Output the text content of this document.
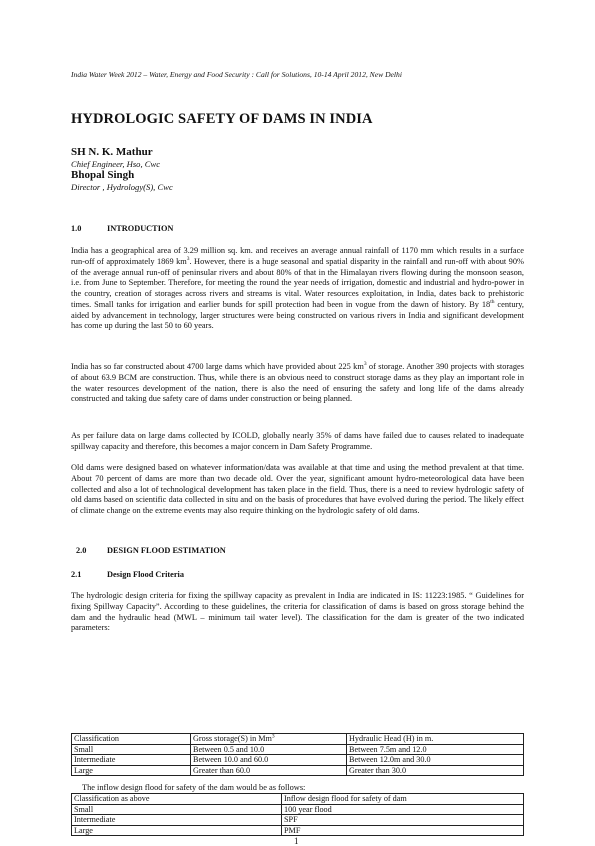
India Water Week 2012 – Water, Energy and Food Security : Call for Solutions, 10-14 April 2012, New Delhi
HYDROLOGIC SAFETY OF DAMS IN INDIA
SH N. K. Mathur
Chief Engineer, Hso, Cwc
Bhopal Singh
Director , Hydrology(S), Cwc
1.0	INTRODUCTION

India has a geographical area of 3.29 million sq. km. and receives an average annual rainfall of 1170 mm which results in a surface run-off of approximately 1869 $km^3$. However, there is a huge seasonal and spatial disparity in the rainfall and run-off with about 90% of the average annual run-off of peninsular rivers and about 80% of that in the Himalayan rivers flowing during the monsoon season, i.e. from June to September. Therefore, for meeting the round the year needs of irrigation, domestic and industrial and hydro-power in the country, creation of storages across rivers and streams is vital. Water resources exploitation, in India, dates back to prehistoric times. Small tanks for irrigation and earlier bunds for spill protection had been in vogue from the dawn of history. By 18th century, aided by advancement in technology, larger structures were being constructed on various rivers in India and significant development has come up during the last 50 to 60 years.

India has so far constructed about 4700 large dams which have provided about 225 $km^3$ of storage. Another 390 projects with storages of about 63.9 BCM are construction. Thus, while there is an obvious need to construct storage dams as they play an important role in the water resources development of the nation, there is also the need of ensuring the safety and long life of the dams already constructed and taking due safety care of dams under construction or being planned.

As per failure data on large dams collected by ICOLD, globally nearly 35% of dams have failed due to causes related to inadequate spillway capacity and therefore, this becomes a major concern in Dam Safety Programme.

Old dams were designed based on whatever information/data was available at that time and using the method prevalent at that time. About 70 percent of dams are more than two decade old. Over the year, significant amount hydro-meteorological data have been collected and also a lot of technological development has taken place in the field. Thus, there is a need to review hydrologic safety of old dams based on scientific data collected in situ and on the basis of procedures that have evolved during the period. The likely effect of climate change on the extreme events may also require thinking on the hydrologic safety of old dams.

2.0 DESIGN FLOOD ESTIMATION
2.1	Design Flood Criteria

The hydrologic design criteria for fixing the spillway capacity as prevalent in India are indicated in IS: 11223:1985. “ Guidelines for fixing Spillway Capacity”. According to these guidelines, the criteria for classification of dams is based on gross storage behind the dam and the hydraulic head (MWL – minimum tail water level). The classification for the dam is greater of the two indicated parameters:

Classification	Gross storage(S) in Mm$^3$	Hydraulic Head (H) in m.
Small	Between 0.5 and 10.0	Between 7.5m and 12.0
Intermediate	Between 10.0 and 60.0	Between 12.0m and 30.0
Large	Greater than 60.0	Greater than 30.0
The inflow design flood for safety of the dam would be as follows:
Classification as above	Inflow design flood for safety of dam
Small	100 year flood
Intermediate	SPF
Large	PMF
1
